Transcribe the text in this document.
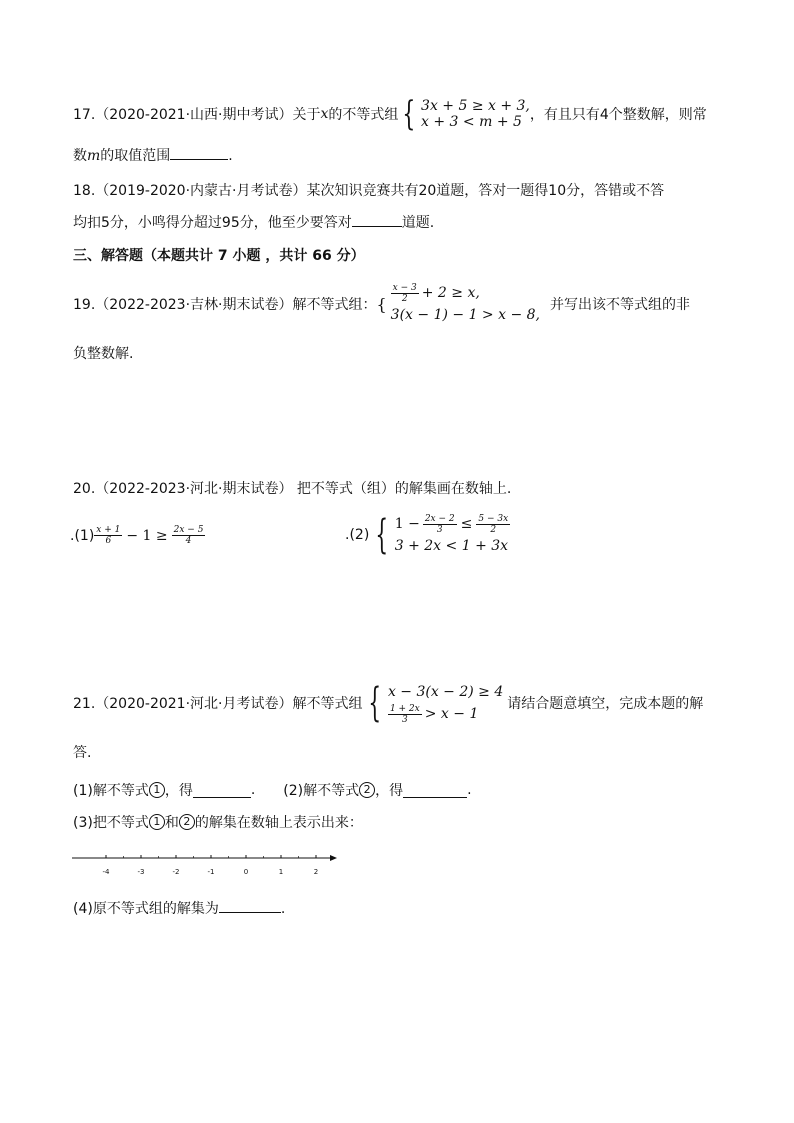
17.（2020-2021·山西·期中考试）关于 x 的不等式组 { 3x + 5 ≥ x + 3,
x + 3 < m + 5 ，有且只有4个整数解，则常
数m的取值范围	.
18.（2019-2020·内蒙古·月考试卷）某次知识竞赛共有20道题，答对一题得10分，答错或不答
均扣5分，小鸣得分超过95分，他至少要答对	道题.
三、解答题（本题共计 7 小题 ，共计 66 分）
19.（2022-2023·吉林·期末试卷）解不等式组： {
$\frac{x - 3}{2} + 2 \ge x$,
3(x − 1) − 1 > x − 8,
并写出该不等式组的非
负整数解.
20.（2022-2023·河北·期末试卷） 把不等式（组）的解集画在数轴上.
$.(1) \frac{x + 1}{6} - 1 \ge \frac{2x - 5}{4}$	.(2) { $1 - \frac{2x - 2}{3} \le \frac{5 - 3x}{2}$
3 + 2x < 1 + 3x
21.（2020-2021·河北·月考试卷）解不等式组 { x − 3(x − 2) ≥ 4
$\frac{1 + 2x}{3} > x - 1$
请结合题意填空，完成本题的解
答.
(1)解不等式 1 ，得	. (2)解不等式 2 ，得	.
(3)把不等式 1 和 2 的解集在数轴上表示出来：
-4	-3	-2	-1	0	1	2
(4)原不等式组的解集为	.
